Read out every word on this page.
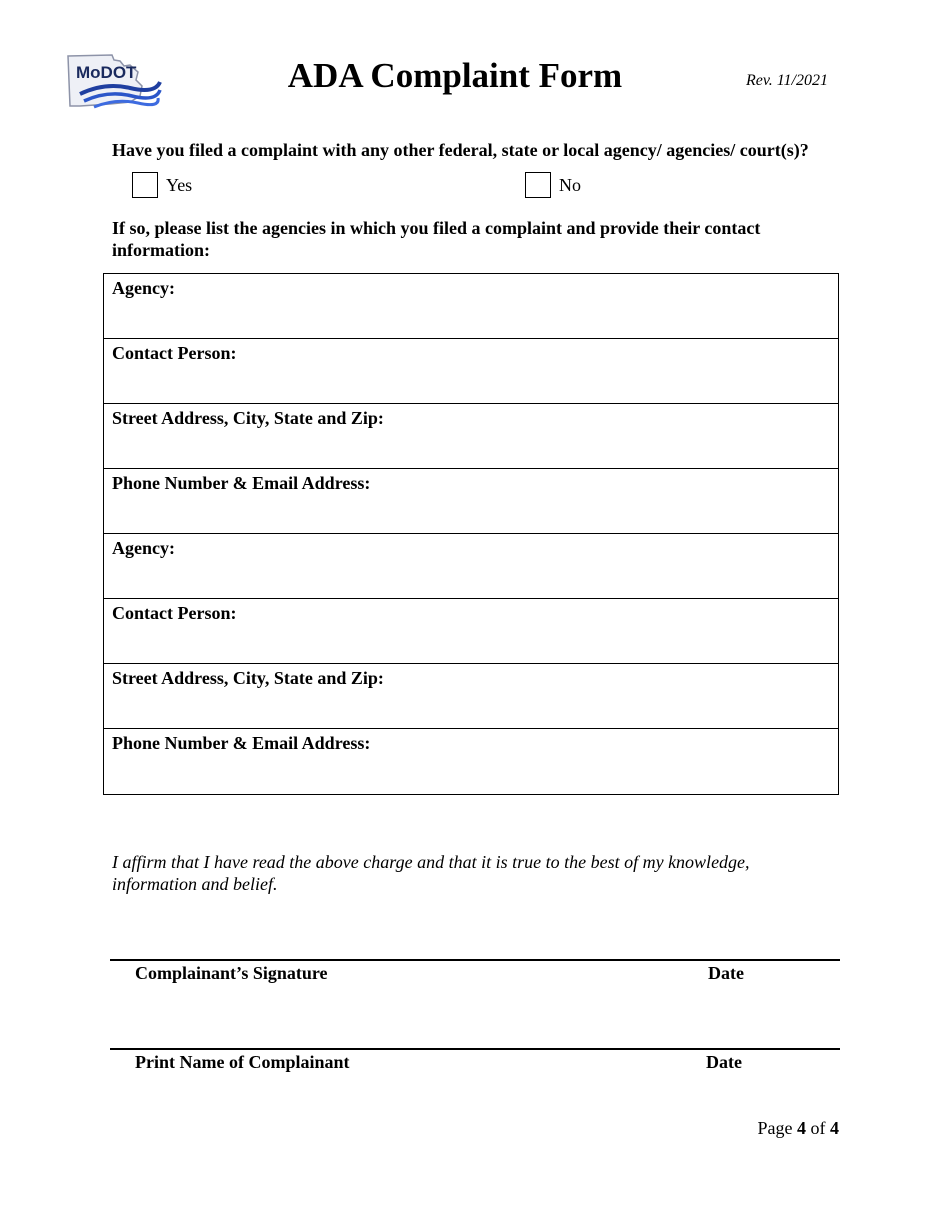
MoDOT	ADA Complaint Form	Rev. 11/2021
Have you filed a complaint with any other federal, state or local agency/ agencies/ court(s)?
Yes	No
If so, please list the agencies in which you filed a complaint and provide their contact information:
Agency:
Contact Person:
Street Address, City, State and Zip:
Phone Number & Email Address:
Agency:
Contact Person:
Street Address, City, State and Zip:
Phone Number & Email Address:
I affirm that I have read the above charge and that it is true to the best of my knowledge, information and belief.
Complainant’s Signature	Date
Print Name of Complainant	Date
Page 4 of 4
